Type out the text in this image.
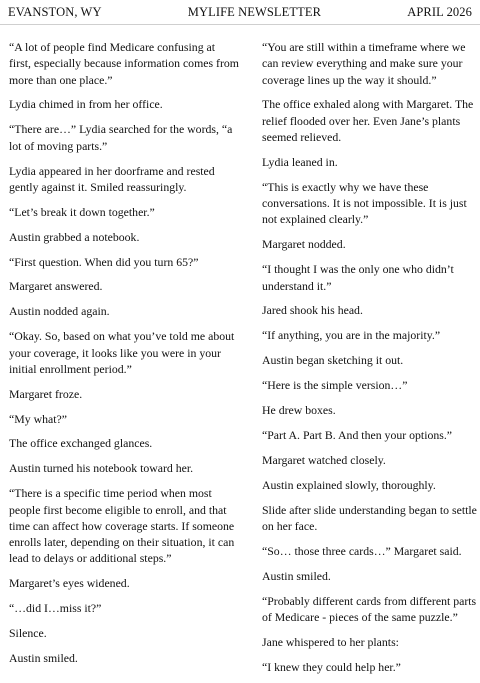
EVANSTON, WY	MYLIFE NEWSLETTER	APRIL 2026

“A lot of people find Medicare confusing at first, especially because information comes from more than one place.”

Lydia chimed in from her office.

“There are…” Lydia searched for the words, “a lot of moving parts.”

Lydia appeared in her doorframe and rested gently against it. Smiled reassuringly.

“Let’s break it down together.”

Austin grabbed a notebook.

“First question. When did you turn 65?”

Margaret answered.

Austin nodded again.

“Okay. So, based on what you’ve told me about your coverage, it looks like you were in your initial enrollment period.”

Margaret froze.

“My what?”

The office exchanged glances.

Austin turned his notebook toward her.

“There is a specific time period when most people first become eligible to enroll, and that time can affect how coverage starts. If someone enrolls later, depending on their situation, it can lead to delays or additional steps.”

Margaret’s eyes widened.

“…did I…miss it?”

Silence.

Austin smiled.

“You are still within a timeframe where we can review everything and make sure your coverage lines up the way it should.”

The office exhaled along with Margaret. The relief flooded over her. Even Jane’s plants seemed relieved.

Lydia leaned in.

“This is exactly why we have these conversations. It is not impossible. It is just not explained clearly.”

Margaret nodded.

“I thought I was the only one who didn’t understand it.”

Jared shook his head.

“If anything, you are in the majority.”

Austin began sketching it out.

“Here is the simple version…”

He drew boxes.

“Part A. Part B. And then your options.”

Margaret watched closely.

Austin explained slowly, thoroughly.

Slide after slide understanding began to settle on her face.

“So… those three cards…” Margaret said.

Austin smiled.

“Probably different cards from different parts of Medicare - pieces of the same puzzle.”

Jane whispered to her plants:

“I knew they could help her.”
